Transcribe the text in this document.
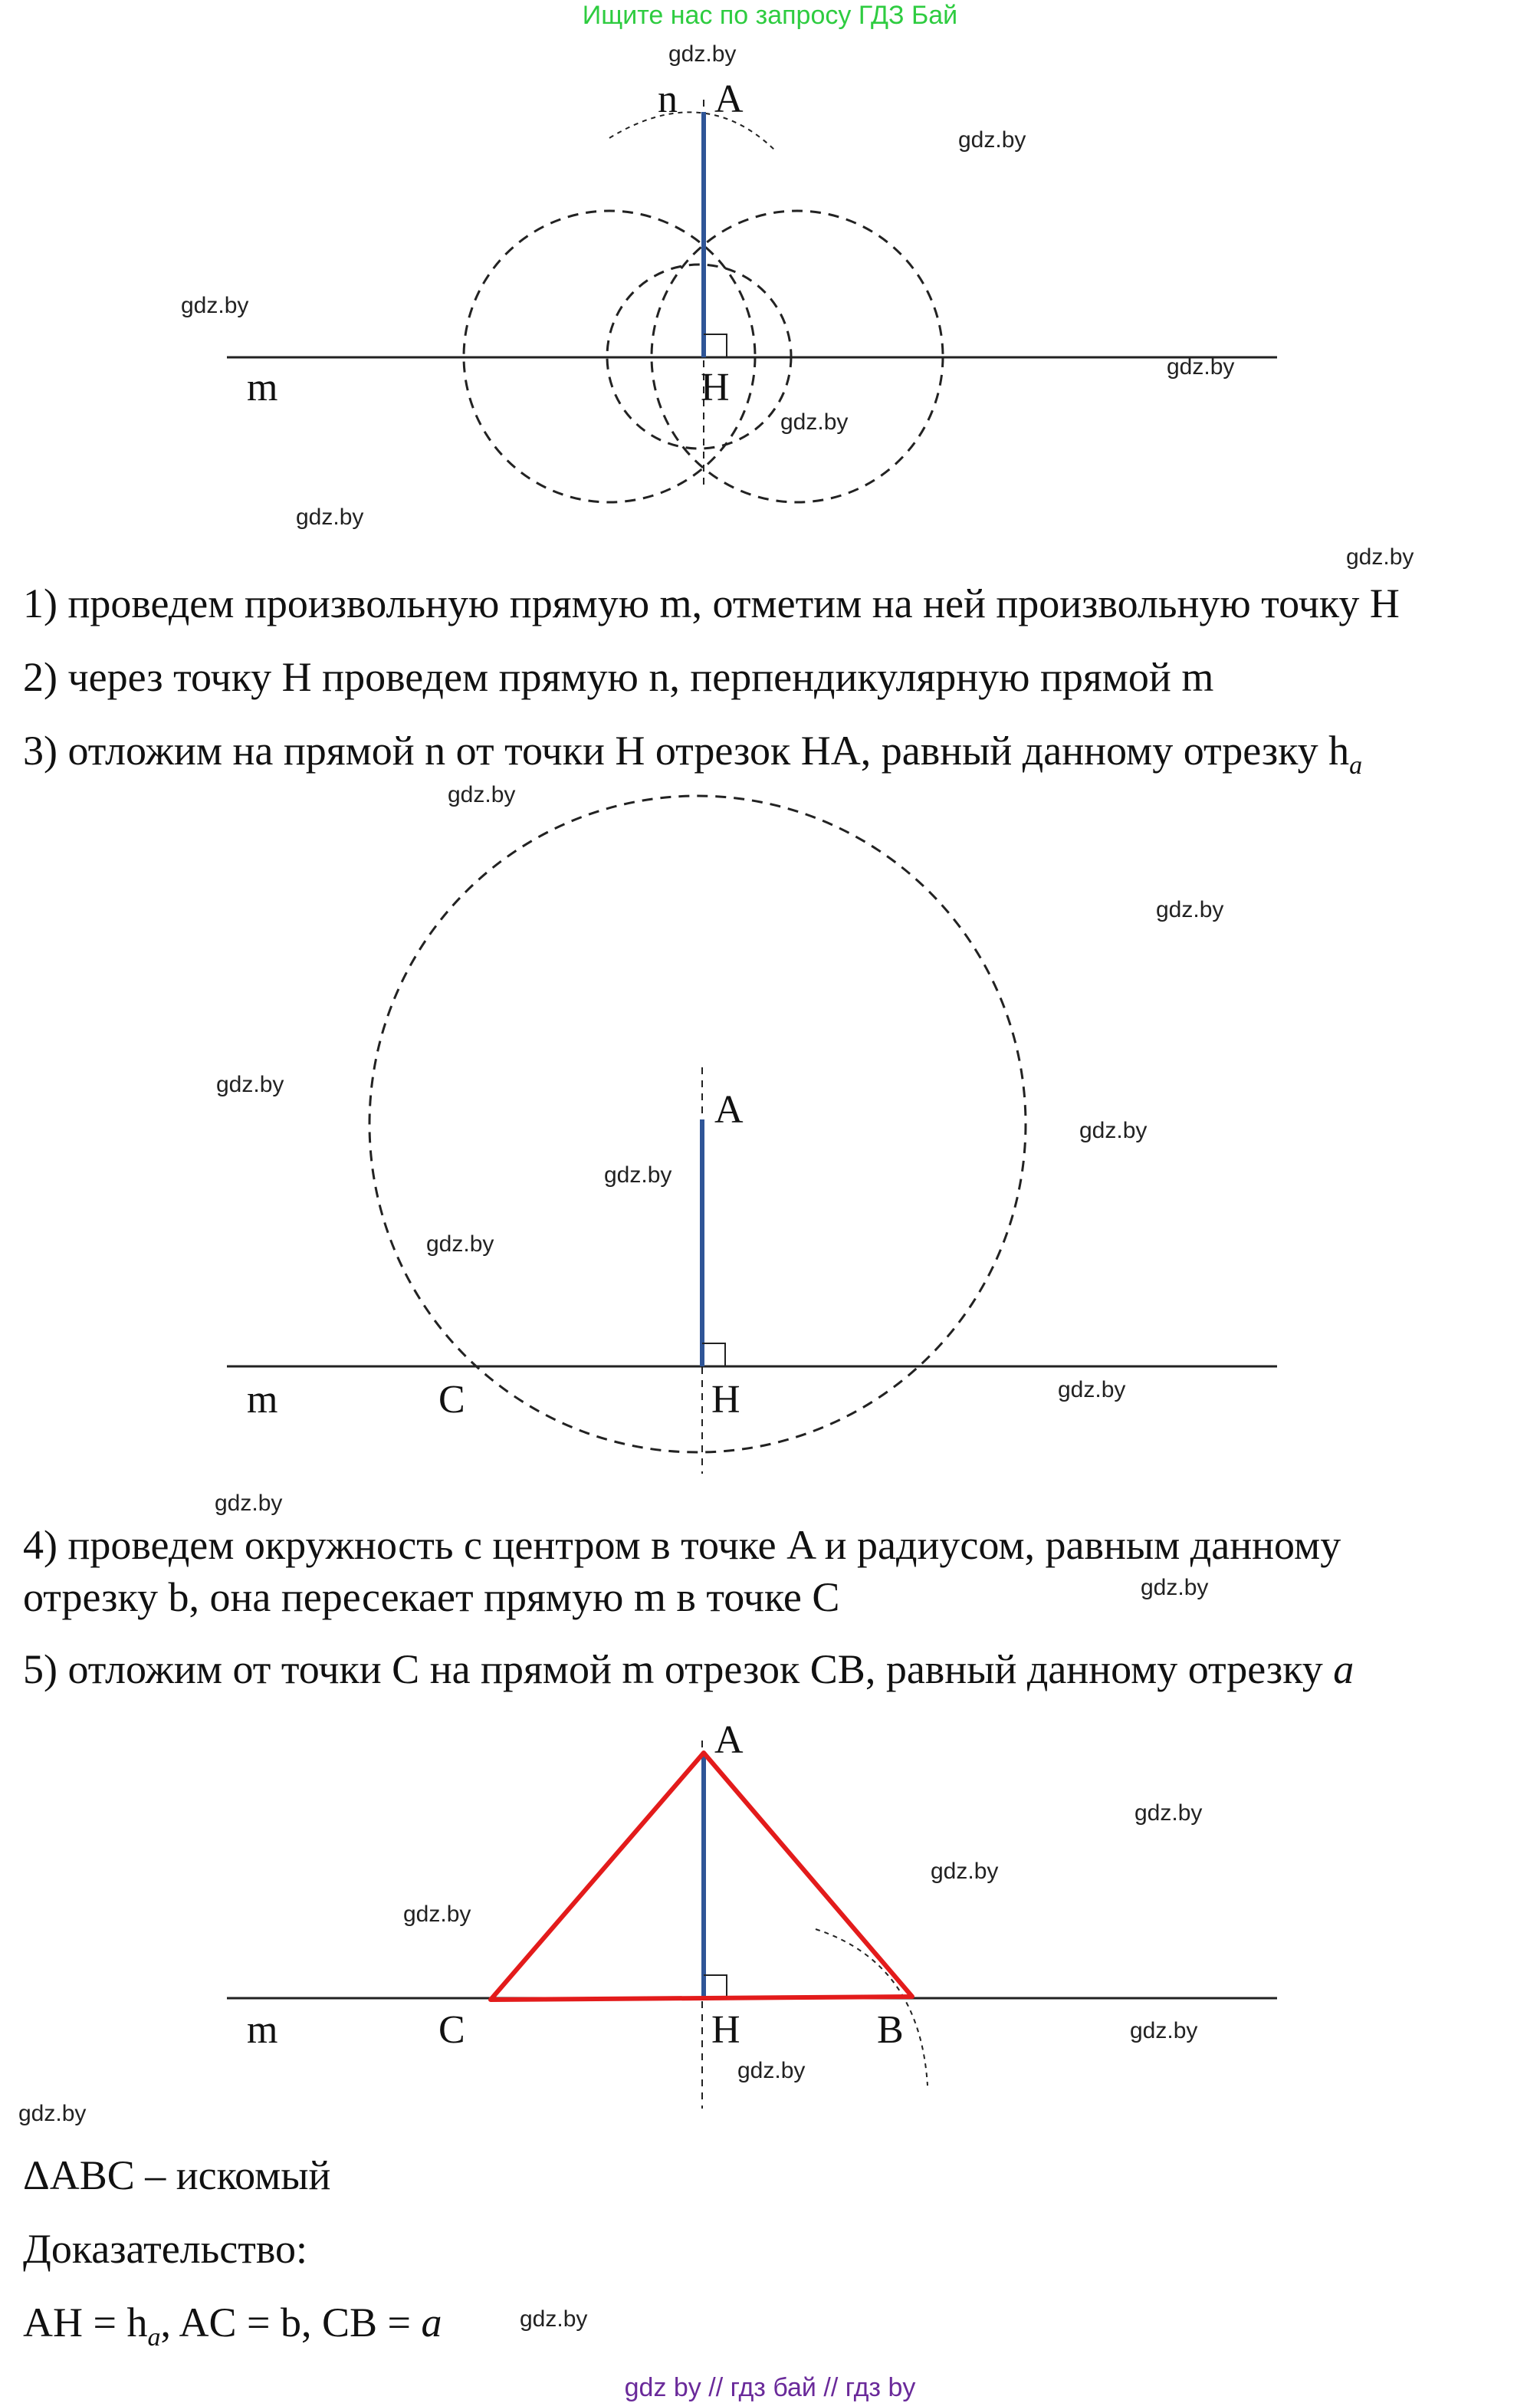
Ищите нас по запросу ГДЗ Бай
n A
m	H
gdz.by
gdz.by
gdz.by
gdz.by
gdz.by
gdz.by
gdz.by
A
m	C	H
gdz.by
gdz.by
gdz.by
gdz.by
gdz.by
gdz.by
gdz.by
gdz.by
gdz.by
A
m	C	H	B
gdz.by
gdz.by
gdz.by
gdz.by
gdz.by
gdz.by
gdz.by

1) проведем произвольную прямую m, отметим на ней произвольную точку H

2) через точку H проведем прямую n, перпендикулярную прямой m

3) отложим на прямой n от точки H отрезок HA, равный данному отрезку $h_a$

4) проведем окружность с центром в точке A и радиусом, равным данному

отрезку b, она пересекает прямую m в точке C

5) отложим от точки C на прямой m отрезок CB, равный данному отрезку a

ΔABC – искомый

Доказательство:

AH = $h_a$, AC = b, CB = a

gdz by // гдз бай // гдз by
